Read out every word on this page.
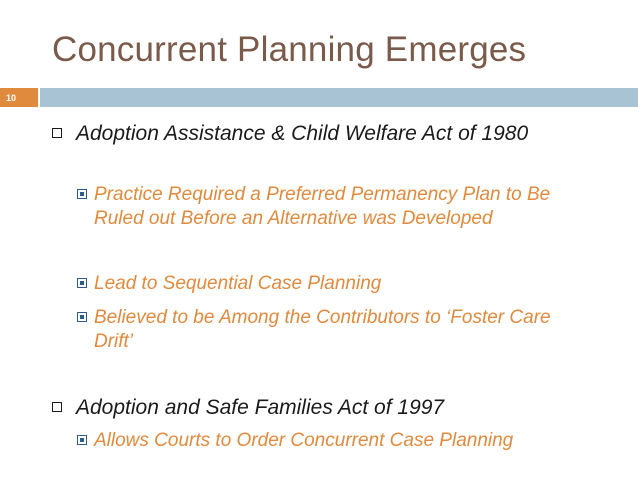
Concurrent Planning Emerges
10
Adoption Assistance & Child Welfare Act of 1980
Practice Required a Preferred Permanency Plan to Be Ruled out Before an Alternative was Developed
Lead to Sequential Case Planning
Believed to be Among the Contributors to ‘Foster Care Drift’
Adoption and Safe Families Act of 1997
Allows Courts to Order Concurrent Case Planning
